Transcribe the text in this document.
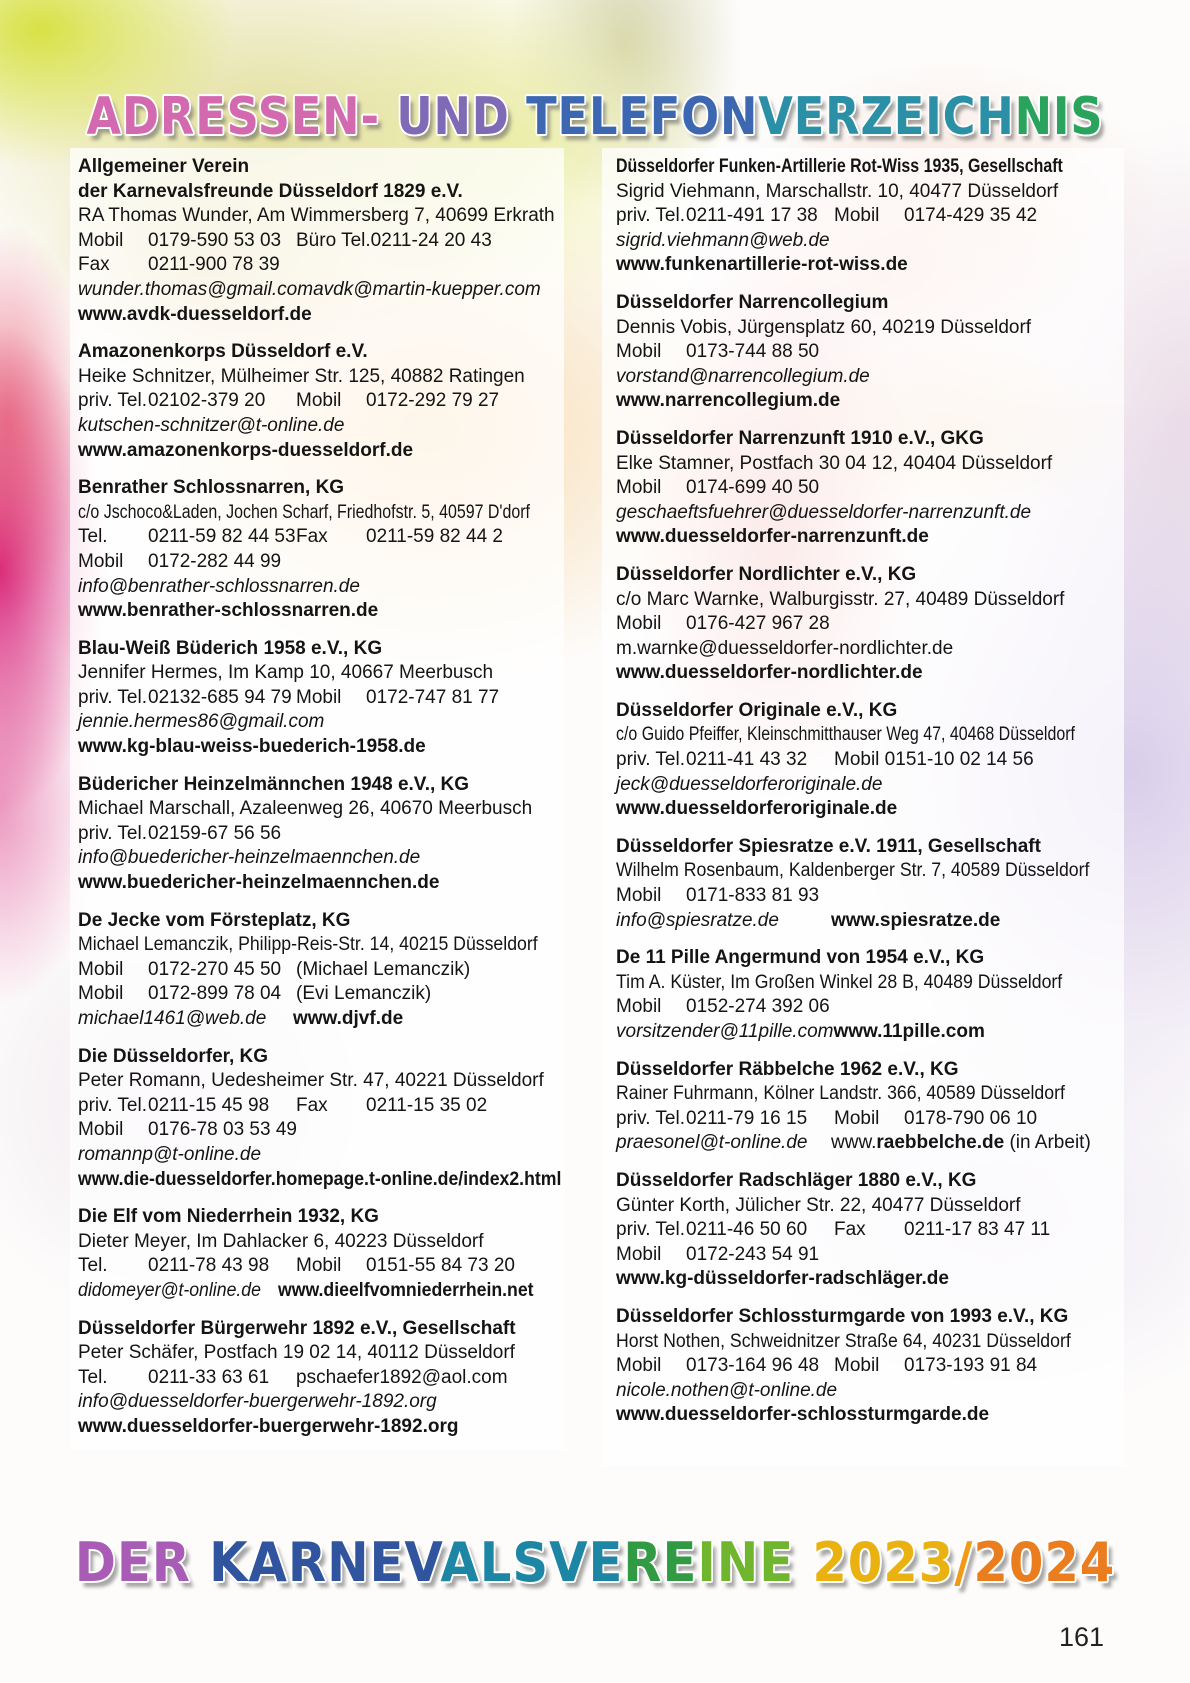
ADRESSEN- UND TELEFONVERZEICHNIS
Allgemeiner Verein
der Karnevalsfreunde Düsseldorf 1829 e.V.

RA Thomas Wunder, Am Wimmersberg 7, 40699 Erkrath

Mobil 0179-590 53 03 Büro Tel.0211-24 20 43

Fax 0211-900 78 39

wunder.thomas@gmail.comavdk@martin-kuepper.com

www.avdk-duesseldorf.de

Amazonenkorps Düsseldorf e.V.

Heike Schnitzer, Mülheimer Str. 125, 40882 Ratingen

priv. Tel.02102-379 20 Mobil 0172-292 79 27

kutschen-schnitzer@t-online.de

www.amazonenkorps-duesseldorf.de

Benrather Schlossnarren, KG

c/o Jschoco&Laden, Jochen Scharf, Friedhofstr. 5, 40597 D'dorf

Tel. 0211-59 82 44 53Fax 0211-59 82 44 2

Mobil 0172-282 44 99

info@benrather-schlossnarren.de

www.benrather-schlossnarren.de

Blau-Weiß Büderich 1958 e.V., KG

Jennifer Hermes, Im Kamp 10, 40667 Meerbusch

priv. Tel.02132-685 94 79 Mobil 0172-747 81 77

jennie.hermes86@gmail.com

www.kg-blau-weiss-buederich-1958.de

Büdericher Heinzelmännchen 1948 e.V., KG

Michael Marschall, Azaleenweg 26, 40670 Meerbusch

priv. Tel.02159-67 56 56

info@buedericher-heinzelmaennchen.de

www.buedericher-heinzelmaennchen.de

De Jecke vom Försteplatz, KG

Michael Lemanczik, Philipp-Reis-Str. 14, 40215 Düsseldorf

Mobil 0172-270 45 50 (Michael Lemanczik)

Mobil 0172-899 78 04 (Evi Lemanczik)

michael1461@web.de www.djvf.de

Die Düsseldorfer, KG

Peter Romann, Uedesheimer Str. 47, 40221 Düsseldorf

priv. Tel.0211-15 45 98 Fax 0211-15 35 02

Mobil 0176-78 03 53 49

romannp@t-online.de

www.die-duesseldorfer.homepage.t-online.de/index2.html

Die Elf vom Niederrhein 1932, KG

Dieter Meyer, Im Dahlacker 6, 40223 Düsseldorf

Tel. 0211-78 43 98 Mobil 0151-55 84 73 20

didomeyer@t-online.de www.dieelfvomniederrhein.net

Düsseldorfer Bürgerwehr 1892 e.V., Gesellschaft

Peter Schäfer, Postfach 19 02 14, 40112 Düsseldorf

Tel. 0211-33 63 61 pschaefer1892@aol.com

info@duesseldorfer-buergerwehr-1892.org

www.duesseldorfer-buergerwehr-1892.org

Düsseldorfer Funken-Artillerie Rot-Wiss 1935, Gesellschaft

Sigrid Viehmann, Marschallstr. 10, 40477 Düsseldorf

priv. Tel.0211-491 17 38 Mobil 0174-429 35 42

sigrid.viehmann@web.de

www.funkenartillerie-rot-wiss.de

Düsseldorfer Narrencollegium

Dennis Vobis, Jürgensplatz 60, 40219 Düsseldorf

Mobil 0173-744 88 50

vorstand@narrencollegium.de

www.narrencollegium.de

Düsseldorfer Narrenzunft 1910 e.V., GKG

Elke Stamner, Postfach 30 04 12, 40404 Düsseldorf

Mobil 0174-699 40 50

geschaeftsfuehrer@duesseldorfer-narrenzunft.de

www.duesseldorfer-narrenzunft.de

Düsseldorfer Nordlichter e.V., KG

c/o Marc Warnke, Walburgisstr. 27, 40489 Düsseldorf

Mobil 0176-427 967 28

m.warnke@duesseldorfer-nordlichter.de

www.duesseldorfer-nordlichter.de

Düsseldorfer Originale e.V., KG

c/o Guido Pfeiffer, Kleinschmitthauser Weg 47, 40468 Düsseldorf

priv. Tel.0211-41 43 32 Mobil 0151-10 02 14 56

jeck@duesseldorferoriginale.de

www.duesseldorferoriginale.de

Düsseldorfer Spiesratze e.V. 1911, Gesellschaft

Wilhelm Rosenbaum, Kaldenberger Str. 7, 40589 Düsseldorf

Mobil 0171-833 81 93

info@spiesratze.de	www.spiesratze.de

De 11 Pille Angermund von 1954 e.V., KG

Tim A. Küster, Im Großen Winkel 28 B, 40489 Düsseldorf

Mobil 0152-274 392 06

vorsitzender@11pille.comwww.11pille.com

Düsseldorfer Räbbelche 1962 e.V., KG

Rainer Fuhrmann, Kölner Landstr. 366, 40589 Düsseldorf

priv. Tel.0211-79 16 15 Mobil 0178-790 06 10

praesonel@t-online.de www.raebbelche.de (in Arbeit)

Düsseldorfer Radschläger 1880 e.V., KG

Günter Korth, Jülicher Str. 22, 40477 Düsseldorf

priv. Tel.0211-46 50 60 Fax 0211-17 83 47 11

Mobil 0172-243 54 91

www.kg-düsseldorfer-radschläger.de

Düsseldorfer Schlossturmgarde von 1993 e.V., KG

Horst Nothen, Schweidnitzer Straße 64, 40231 Düsseldorf

Mobil 0173-164 96 48 Mobil 0173-193 91 84

nicole.nothen@t-online.de

www.duesseldorfer-schlossturmgarde.de

DER KARNEVALSVEREINE 2023/2024
161
